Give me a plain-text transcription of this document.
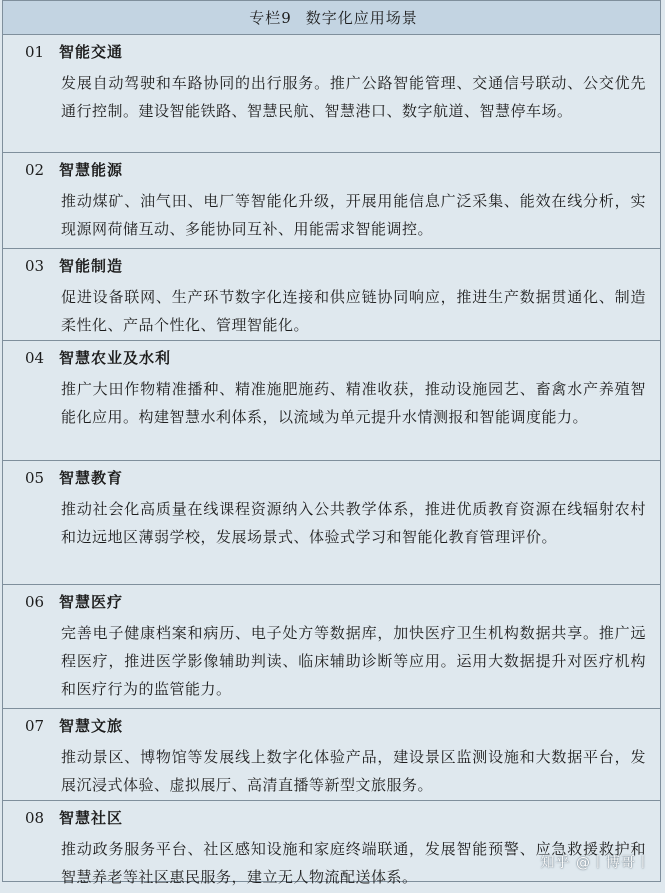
专栏9 数字化应用场景
01 智能交通
发展自动驾驶和车路协同的出行服务。推广公路智能管理、交通信号联动、公交优先通行控制。建设智能铁路、智慧民航、智慧港口、数字航道、智慧停车场。
02 智慧能源
推动煤矿、油气田、电厂等智能化升级，开展用能信息广泛采集、能效在线分析，实现源网荷储互动、多能协同互补、用能需求智能调控。
03 智能制造
促进设备联网、生产环节数字化连接和供应链协同响应，推进生产数据贯通化、制造柔性化、产品个性化、管理智能化。
04 智慧农业及水利
推广大田作物精准播种、精准施肥施药、精准收获，推动设施园艺、畜禽水产养殖智能化应用。构建智慧水利体系，以流域为单元提升水情测报和智能调度能力。
05 智慧教育
推动社会化高质量在线课程资源纳入公共教学体系，推进优质教育资源在线辐射农村和边远地区薄弱学校，发展场景式、体验式学习和智能化教育管理评价。
06 智慧医疗
完善电子健康档案和病历、电子处方等数据库，加快医疗卫生机构数据共享。推广远程医疗，推进医学影像辅助判读、临床辅助诊断等应用。运用大数据提升对医疗机构和医疗行为的监管能力。
07 智慧文旅
推动景区、博物馆等发展线上数字化体验产品，建设景区监测设施和大数据平台，发展沉浸式体验、虚拟展厅、高清直播等新型文旅服务。
08 智慧社区
推动政务服务平台、社区感知设施和家庭终端联通，发展智能预警、应急救援救护和智慧养老等社区惠民服务，建立无人物流配送体系。	知乎 @丨博哥丨
